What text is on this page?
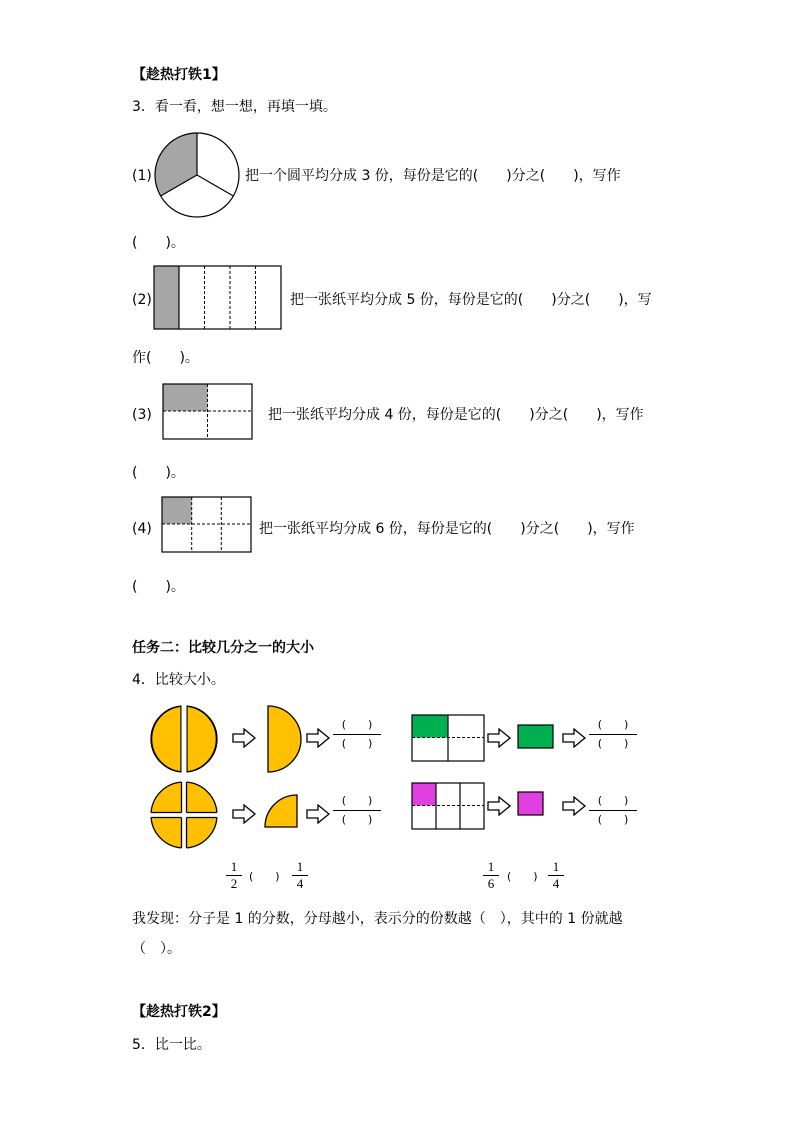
【趁热打铁1】
3．看一看，想一想，再填一填。
(1)	把一个圆平均分成 3 份，每份是它的(　　)分之(　　)，写作
(　　)。
(2)	把一张纸平均分成 5 份，每份是它的(　　)分之(　　)，写
作(　　)。
(3)	把一张纸平均分成 4 份，每份是它的(　　)分之(　　)，写作
(　　)。
(4)	把一张纸平均分成 6 份，每份是它的(　　)分之(　　)，写作
(　　)。
任务二：比较几分之一的大小
4．比较大小。
(　　)
(　　)
(　　)
(　　)
(　　)
(　　)
(　　)
(　　)
1
2	(　　)
1
4
1
6	(　　)
1
4
我发现：分子是 1 的分数，分母越小，表示分的份数越（　），其中的 1 份就越
（　）。
【趁热打铁2】
5．比一比。
